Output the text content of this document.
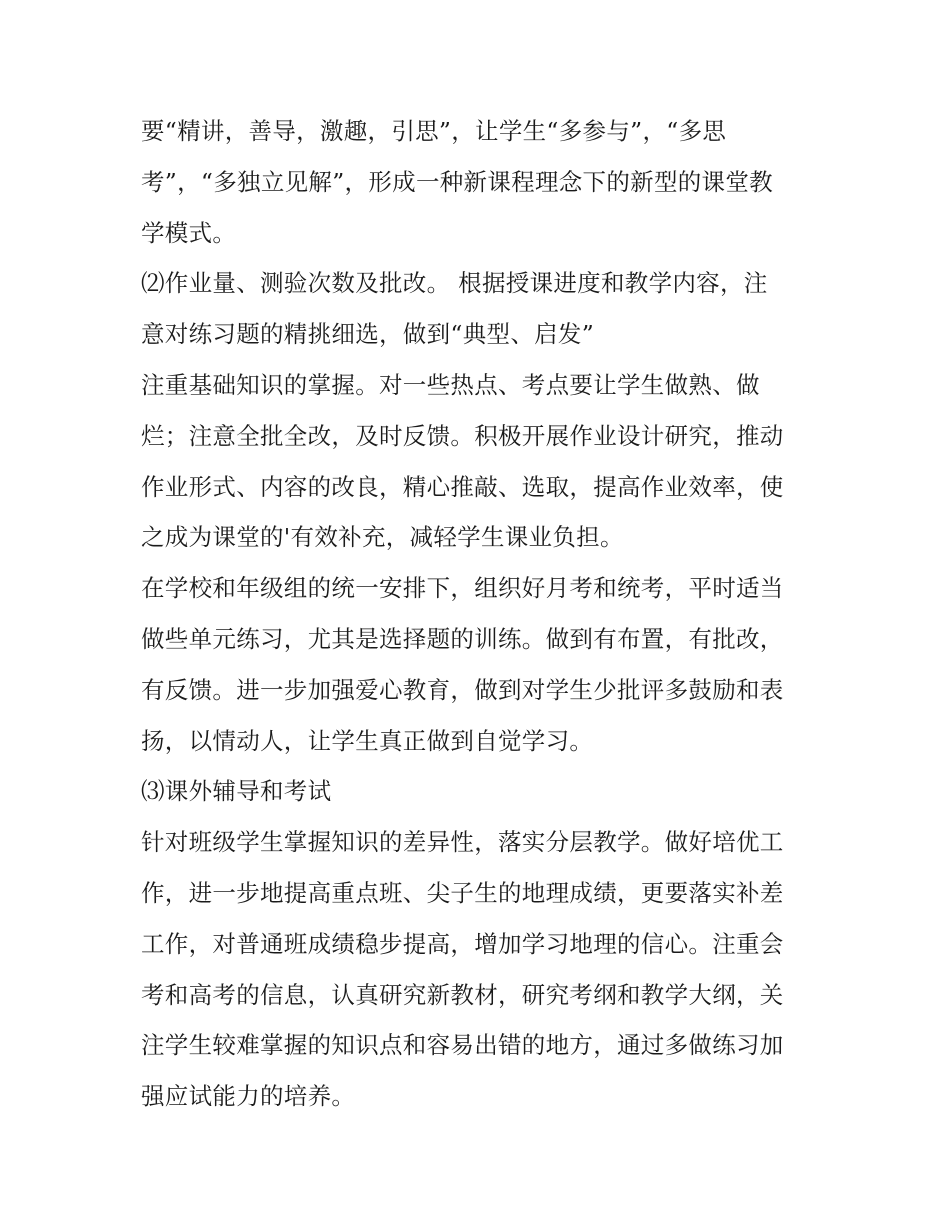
要“精讲，善导，激趣，引思”，让学生“多参与”，“多思
考”，“多独立见解”，形成一种新课程理念下的新型的课堂教
学模式。
⑵作业量、测验次数及批改。 根据授课进度和教学内容，注
意对练习题的精挑细选，做到“典型、启发”
注重基础知识的掌握。对一些热点、考点要让学生做熟、做
烂；注意全批全改，及时反馈。积极开展作业设计研究，推动
作业形式、内容的改良，精心推敲、选取，提高作业效率，使
之成为课堂的'有效补充，减轻学生课业负担。
在学校和年级组的统一安排下，组织好月考和统考，平时适当
做些单元练习，尤其是选择题的训练。做到有布置，有批改，
有反馈。进一步加强爱心教育，做到对学生少批评多鼓励和表
扬，以情动人，让学生真正做到自觉学习。
⑶课外辅导和考试
针对班级学生掌握知识的差异性，落实分层教学。做好培优工
作，进一步地提高重点班、尖子生的地理成绩，更要落实补差
工作，对普通班成绩稳步提高，增加学习地理的信心。注重会
考和高考的信息，认真研究新教材，研究考纲和教学大纲，关
注学生较难掌握的知识点和容易出错的地方，通过多做练习加
强应试能力的培养。
